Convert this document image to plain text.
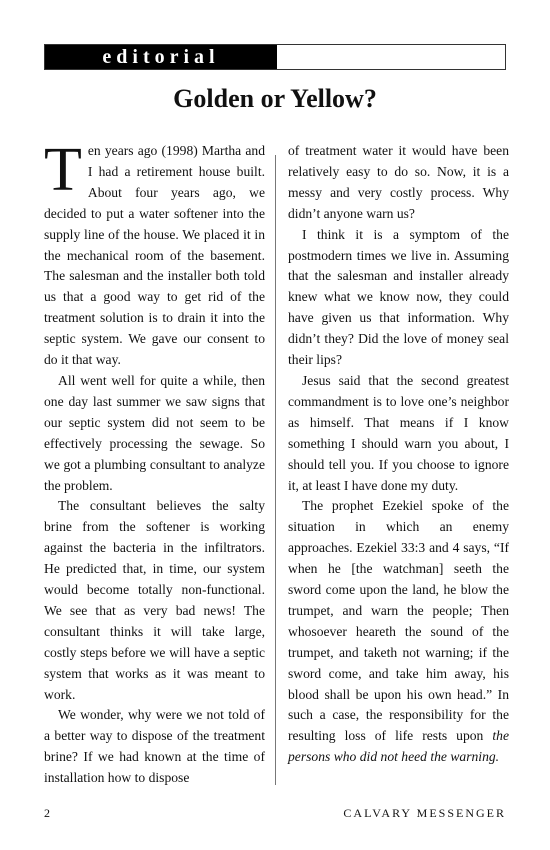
editorial
Golden or Yellow?

Ten years ago (1998) Martha and I had a retirement house built. About four years ago, we decided to put a water softener into the supply line of the house. We placed it in the mechanical room of the basement. The salesman and the installer both told us that a good way to get rid of the treatment solution is to drain it into the septic system. We gave our consent to do it that way.

All went well for quite a while, then one day last summer we saw signs that our septic system did not seem to be effectively processing the sewage. So we got a plumbing consultant to analyze the problem.

The consultant believes the salty brine from the softener is working against the bacteria in the infiltrators. He predicted that, in time, our system would become totally non-functional. We see that as very bad news! The consultant thinks it will take large, costly steps before we will have a septic system that works as it was meant to work.

We wonder, why were we not told of a better way to dispose of the treatment brine? If we had known at the time of installation how to dispose

of treatment water it would have been relatively easy to do so. Now, it is a messy and very costly process. Why didn’t anyone warn us?

I think it is a symptom of the postmodern times we live in. Assuming that the salesman and installer already knew what we know now, they could have given us that information. Why didn’t they? Did the love of money seal their lips?

Jesus said that the second greatest commandment is to love one’s neighbor as himself. That means if I know something I should warn you about, I should tell you. If you choose to ignore it, at least I have done my duty.

The prophet Ezekiel spoke of the situation in which an enemy approaches. Ezekiel 33:3 and 4 says, “If when he [the watchman] seeth the sword come upon the land, he blow the trumpet, and warn the people; Then whosoever heareth the sound of the trumpet, and taketh not warning; if the sword come, and take him away, his blood shall be upon his own head.” In such a case, the responsibility for the resulting loss of life rests upon the persons who did not heed the warning.

2	CALVARY MESSENGER
